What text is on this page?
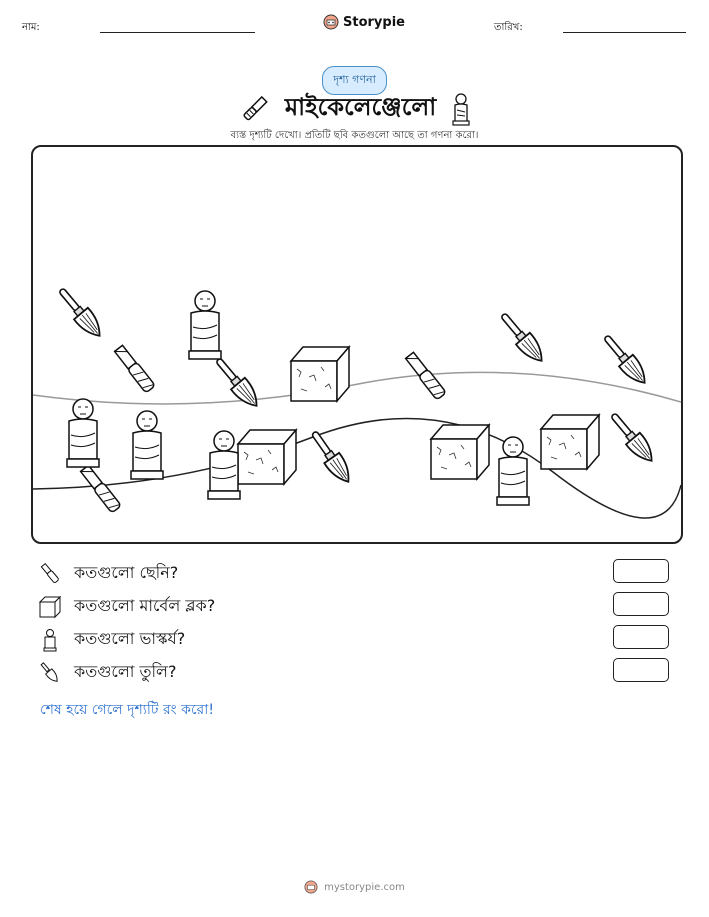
নাম:	Storypie	তারিখ:
দৃশ্য গণনা
মাইকেলেঞ্জেলো
ব্যস্ত দৃশ্যটি দেখো। প্রতিটি ছবি কতগুলো আছে তা গণনা করো।
কতগুলো ছেনি?
কতগুলো মার্বেল ব্লক?
কতগুলো ভাস্কর্য?
কতগুলো তুলি?
শেষ হয়ে গেলে দৃশ্যটি রং করো!
mystorypie.com
